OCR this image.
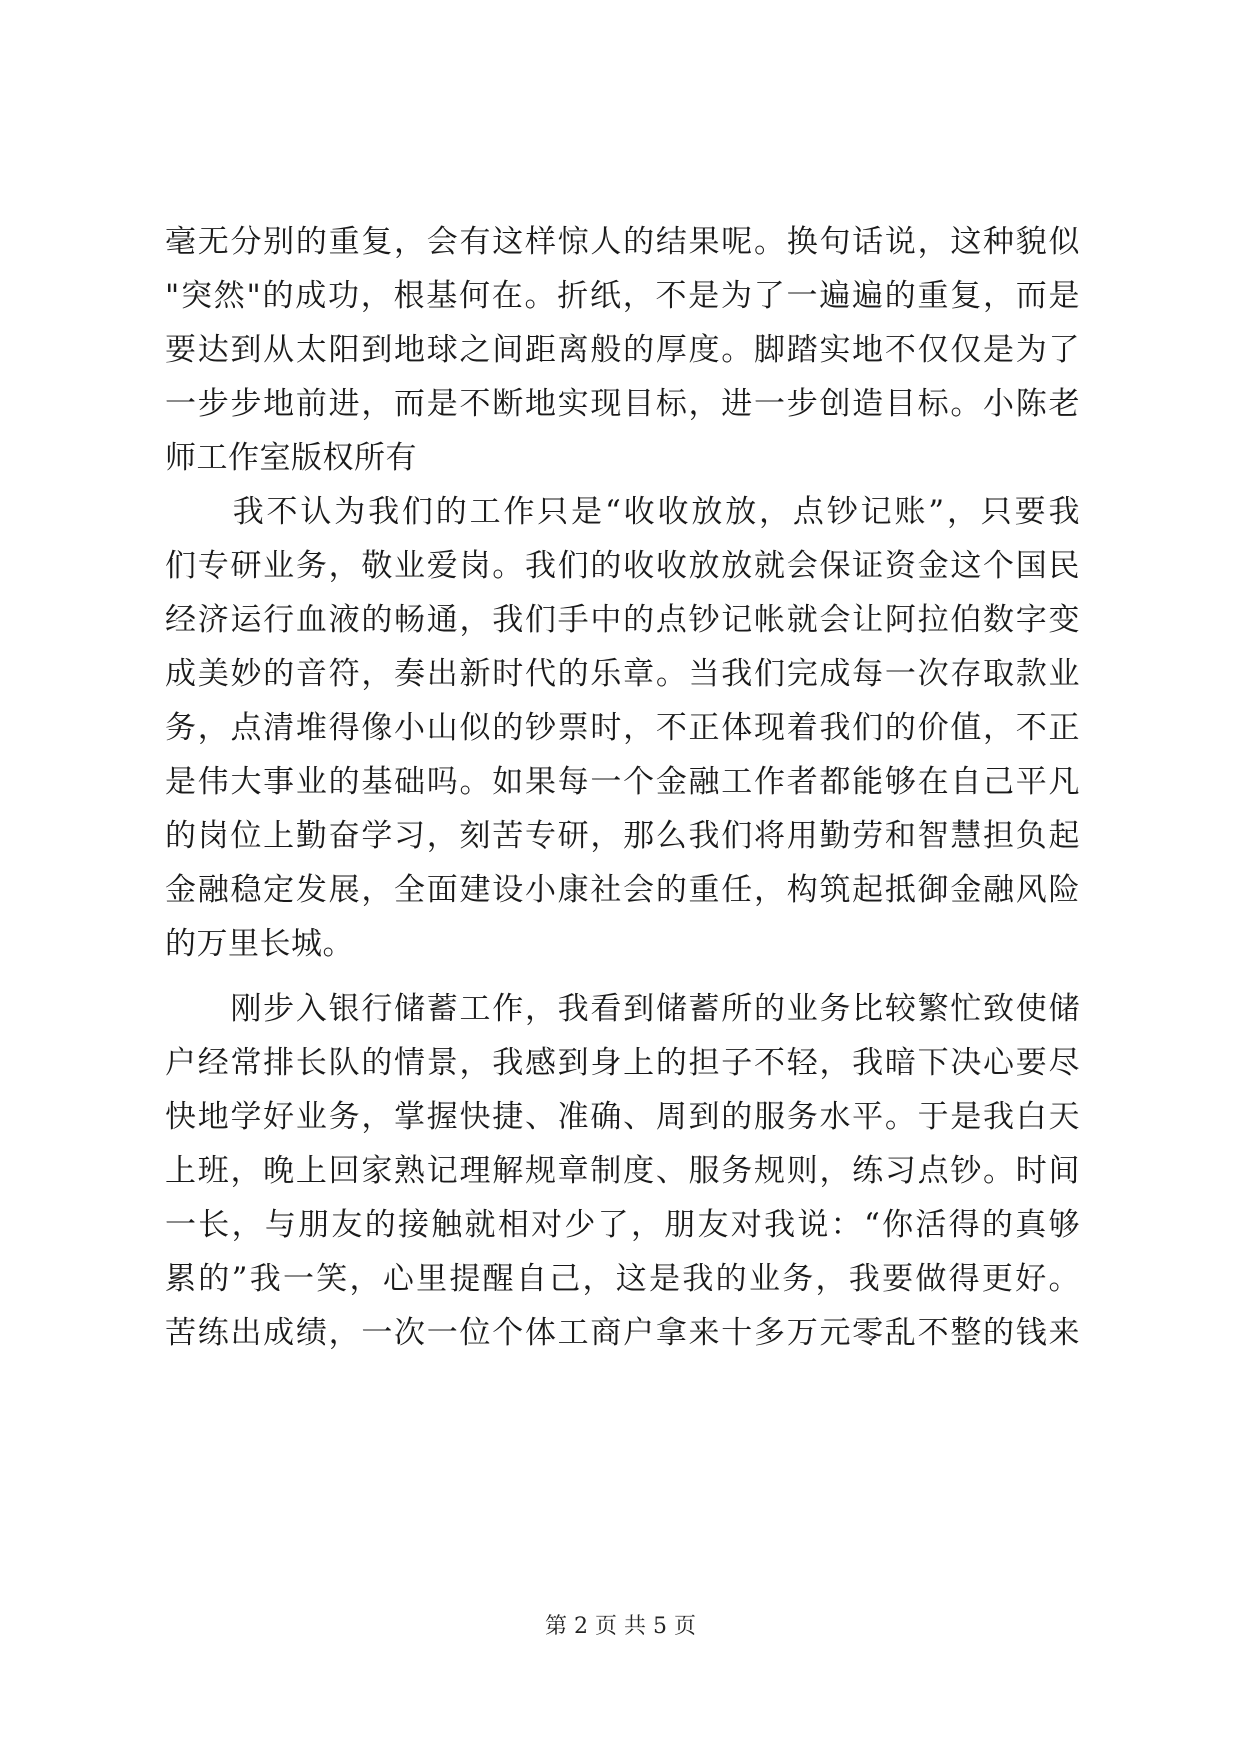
毫无分别的重复，会有这样惊人的结果呢。换句话说，这种貌似
"突然"的成功，根基何在。折纸，不是为了一遍遍的重复，而是
要达到从太阳到地球之间距离般的厚度。脚踏实地不仅仅是为了
一步步地前进，而是不断地实现目标，进一步创造目标。小陈老
师工作室版权所有
　　我不认为我们的工作只是“收收放放，点钞记账”，只要我
们专研业务，敬业爱岗。我们的收收放放就会保证资金这个国民
经济运行血液的畅通，我们手中的点钞记帐就会让阿拉伯数字变
成美妙的音符，奏出新时代的乐章。当我们完成每一次存取款业
务，点清堆得像小山似的钞票时，不正体现着我们的价值，不正
是伟大事业的基础吗。如果每一个金融工作者都能够在自己平凡
的岗位上勤奋学习，刻苦专研，那么我们将用勤劳和智慧担负起
金融稳定发展，全面建设小康社会的重任，构筑起抵御金融风险
的万里长城。
　　刚步入银行储蓄工作，我看到储蓄所的业务比较繁忙致使储
户经常排长队的情景，我感到身上的担子不轻，我暗下决心要尽
快地学好业务，掌握快捷、准确、周到的服务水平。于是我白天
上班，晚上回家熟记理解规章制度、服务规则，练习点钞。时间
一长，与朋友的接触就相对少了，朋友对我说：“你活得的真够
累的”我一笑，心里提醒自己，这是我的业务，我要做得更好。
苦练出成绩，一次一位个体工商户拿来十多万元零乱不整的钱来
第 2 页 共 5 页
